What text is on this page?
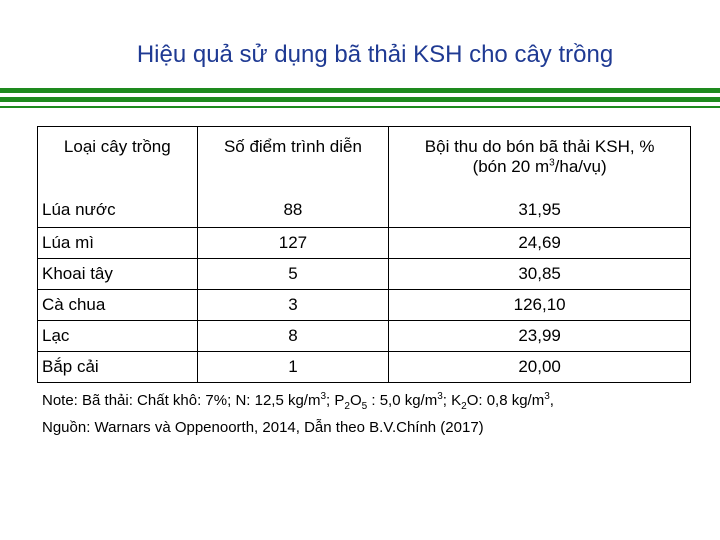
Hiệu quả sử dụng bã thải KSH cho cây trồng
Loại cây trồng	Số điểm trình diễn	Bội thu do bón bã thải KSH, %
(bón 20 $m^3/ha/vụ$)
Lúa nước	88	31,95
Lúa mì	127	24,69
Khoai tây	5	30,85
Cà chua	3	126,10
Lạc	8	23,99
Bắp cải	1	20,00
Note: Bã thải: Chất khô: 7%; N: 12,5 $kg/m^3$; $P_2O_5$ : 5,0 $kg/m^3$; $K_2O$: 0,8 $kg/m^3$,
Nguồn: Warnars và Oppenoorth, 2014, Dẫn theo B.V.Chính (2017)
